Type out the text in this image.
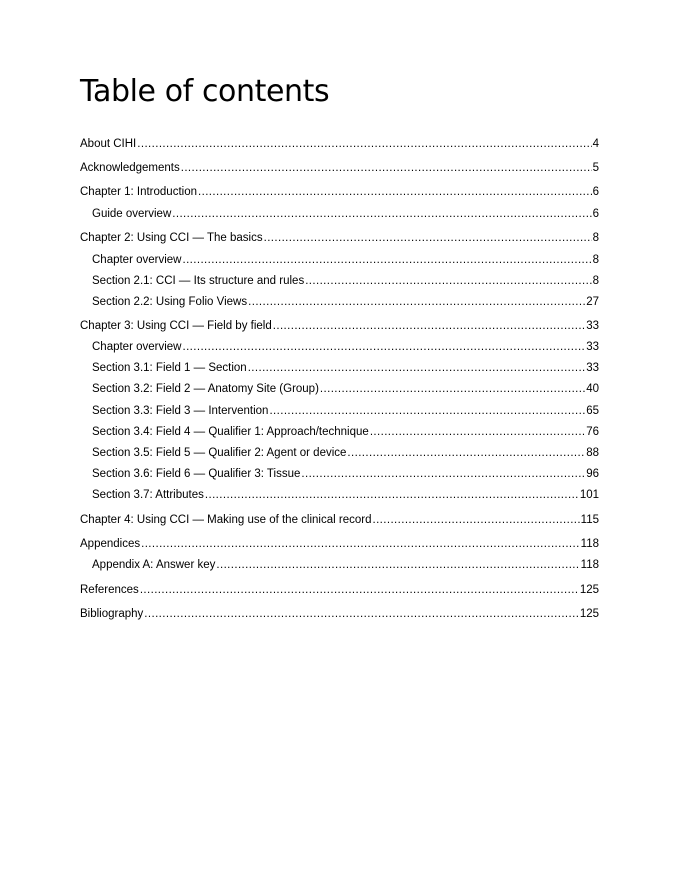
Table of contents
About CIHI .....	4
Acknowledgements .....	5
Chapter 1: Introduction .....	6
Guide overview .....	6
Chapter 2: Using CCI — The basics .....	8
Chapter overview .....	8
Section 2.1: CCI — Its structure and rules .....	8
Section 2.2: Using Folio Views .....	27
Chapter 3: Using CCI — Field by field .....	33
Chapter overview .....	33
Section 3.1: Field 1 — Section .....	33
Section 3.2: Field 2 — Anatomy Site (Group) .....	40
Section 3.3: Field 3 — Intervention .....	65
Section 3.4: Field 4 — Qualifier 1: Approach/technique .....	76
Section 3.5: Field 5 — Qualifier 2: Agent or device .....	88
Section 3.6: Field 6 — Qualifier 3: Tissue .....	96
Section 3.7: Attributes .....	101
Chapter 4: Using CCI — Making use of the clinical record .....	115
Appendices .....	118
Appendix A: Answer key .....	118
References .....	125
Bibliography .....	125
